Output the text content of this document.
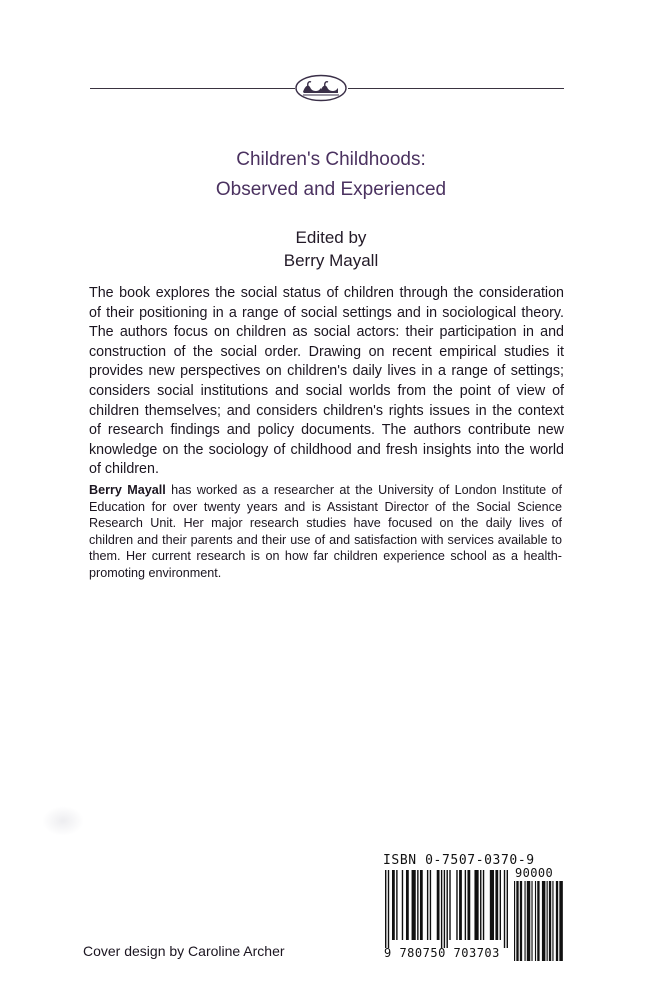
Children's Childhoods:
Observed and Experienced
Edited by
Berry Mayall

The book explores the social status of children through the consideration of their positioning in a range of social settings and in sociological theory. The authors focus on children as social actors: their participation in and construction of the social order. Drawing on recent empirical studies it provides new perspectives on children's daily lives in a range of settings; considers social institutions and social worlds from the point of view of children themselves; and considers children's rights issues in the context of research findings and policy documents. The authors contribute new knowledge on the sociology of childhood and fresh insights into the world of children.

Berry Mayall has worked as a researcher at the University of London Institute of Education for over twenty years and is Assistant Director of the Social Science Research Unit. Her major research studies have focused on the daily lives of children and their parents and their use of and satisfaction with services available to them. Her current research is on how far children experience school as a health-promoting environment.

Cover design by Caroline Archer
ISBN 0-7507-0370-9
9 780750 703703
90000
